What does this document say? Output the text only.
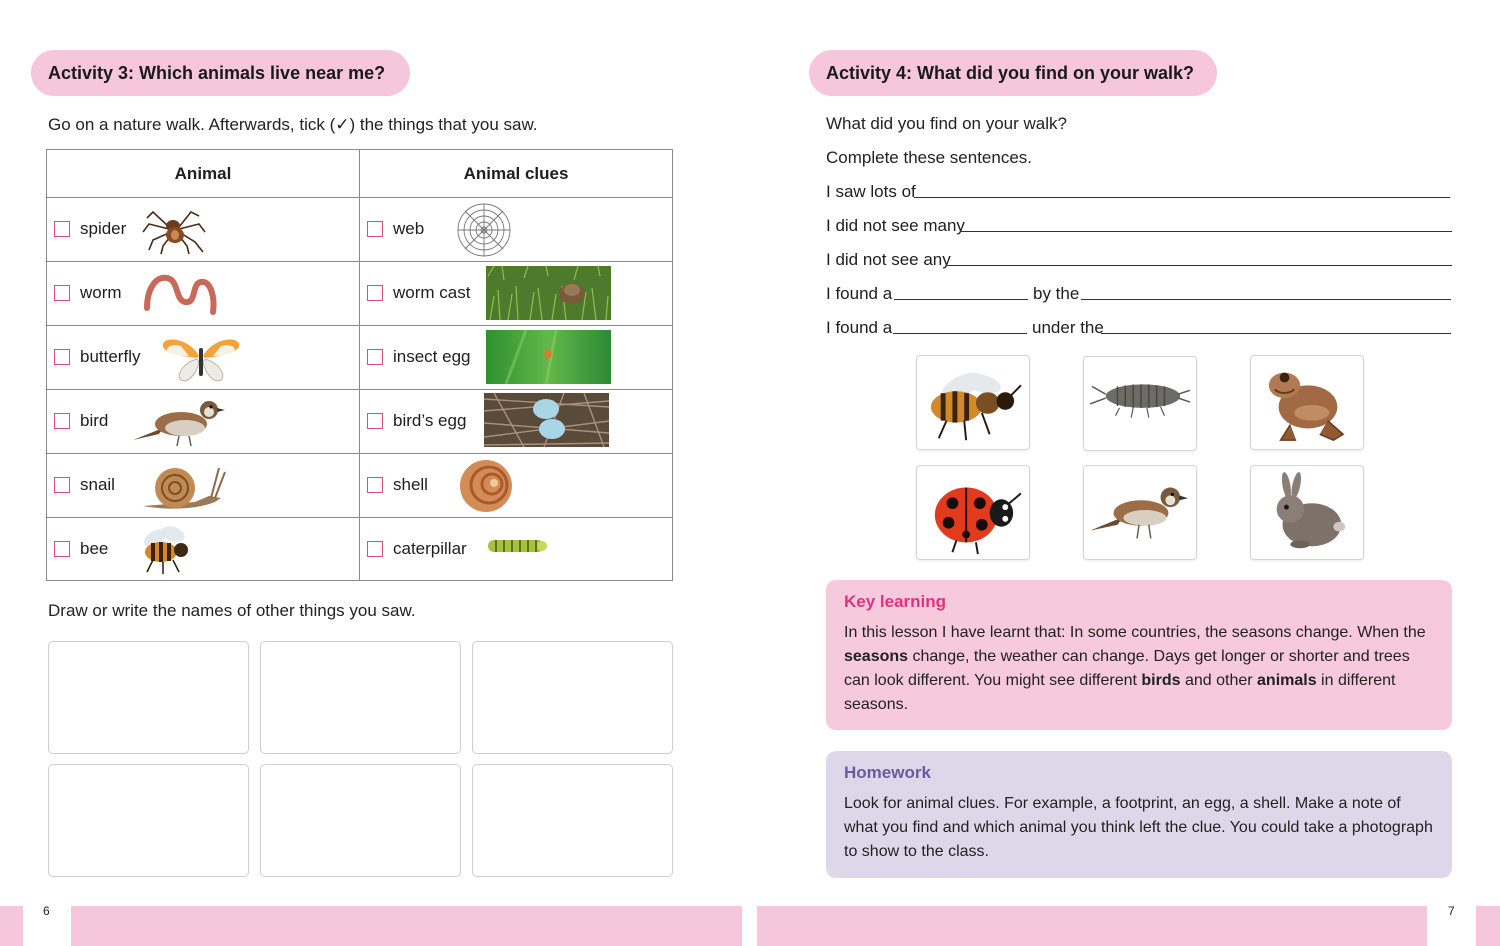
Activity 3: Which animals live near me?
Go on a nature walk. Afterwards, tick (✓) the things that you saw.
Animal	Animal clues
spider	web
worm	worm cast
butterfly	insect egg
bird	bird’s egg
snail	shell
bee	caterpillar
Draw or write the names of other things you saw.
Activity 4: What did you find on your walk?
What did you find on your walk?
Complete these sentences.
I saw lots of
I did not see many
I did not see any
I found a	by the
I found a	under the
Key learning
In this lesson I have learnt that: In some countries, the seasons change. When the seasons change, the weather can change. Days get longer or shorter and trees can look different. You might see different birds and other animals in different seasons.
Homework
Look for animal clues. For example, a footprint, an egg, a shell. Make a note of what you find and which animal you think left the clue. You could take a photograph to show to the class.
6	7
